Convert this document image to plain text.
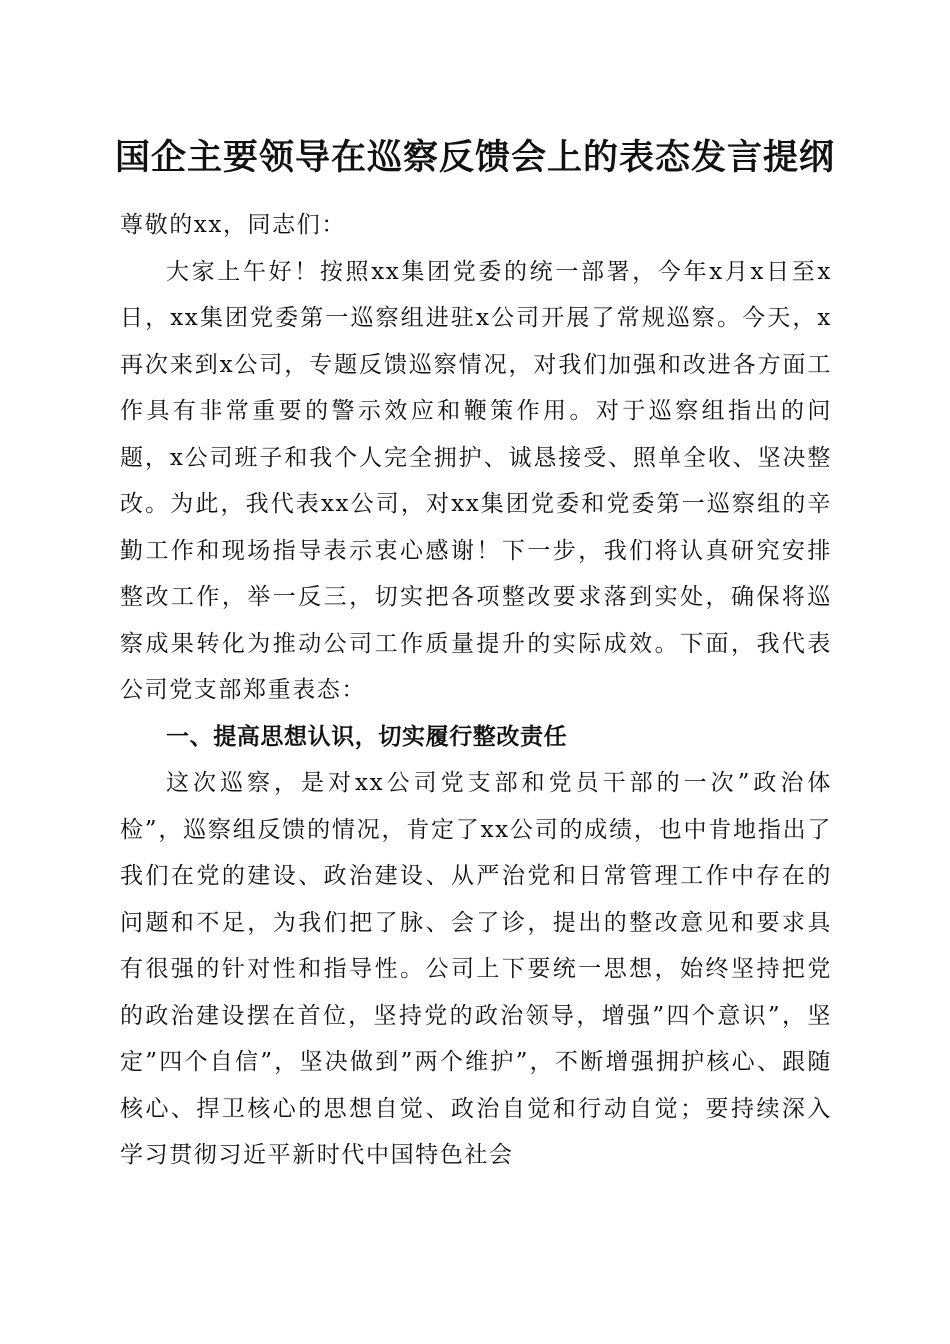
国企主要领导在巡察反馈会上的表态发言提纲

尊敬的xx，同志们：

大家上午好！按照xx集团党委的统一部署，今年x月x日至x日，xx集团党委第一巡察组进驻x公司开展了常规巡察。今天，x再次来到x公司，专题反馈巡察情况，对我们加强和改进各方面工作具有非常重要的警示效应和鞭策作用。对于巡察组指出的问题，x公司班子和我个人完全拥护、诚恳接受、照单全收、坚决整改。为此，我代表xx公司，对xx集团党委和党委第一巡察组的辛勤工作和现场指导表示衷心感谢！下一步，我们将认真研究安排整改工作，举一反三，切实把各项整改要求落到实处，确保将巡察成果转化为推动公司工作质量提升的实际成效。下面，我代表公司党支部郑重表态：

一、提高思想认识，切实履行整改责任

这次巡察，是对xx公司党支部和党员干部的一次”政治体检”，巡察组反馈的情况，肯定了xx公司的成绩，也中肯地指出了我们在党的建设、政治建设、从严治党和日常管理工作中存在的问题和不足，为我们把了脉、会了诊，提出的整改意见和要求具有很强的针对性和指导性。公司上下要统一思想，始终坚持把党的政治建设摆在首位，坚持党的政治领导，增强”四个意识”，坚定”四个自信”，坚决做到”两个维护”，不断增强拥护核心、跟随核心、捍卫核心的思想自觉、政治自觉和行动自觉；要持续深入学习贯彻习近平新时代中国特色社会
